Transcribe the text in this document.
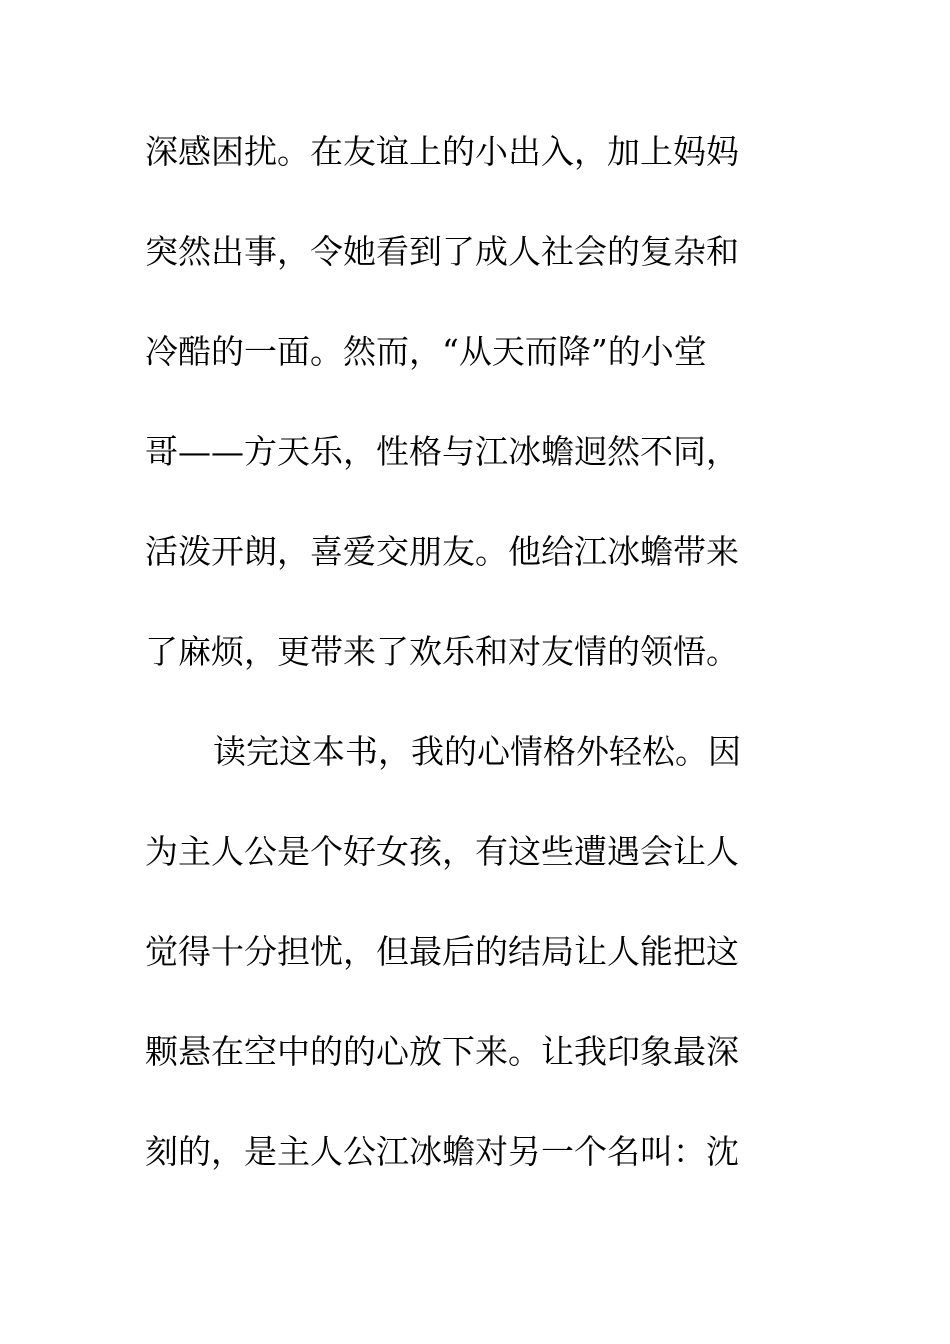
深感困扰。在友谊上的小出入，加上妈妈
突然出事，令她看到了成人社会的复杂和
冷酷的一面。然而，“从天而降”的小堂
哥——方天乐，性格与江冰蟾迥然不同，
活泼开朗，喜爱交朋友。他给江冰蟾带来
了麻烦，更带来了欢乐和对友情的领悟。
读完这本书，我的心情格外轻松。因
为主人公是个好女孩，有这些遭遇会让人
觉得十分担忧，但最后的结局让人能把这
颗悬在空中的的心放下来。让我印象最深
刻的，是主人公江冰蟾对另一个名叫：沈
